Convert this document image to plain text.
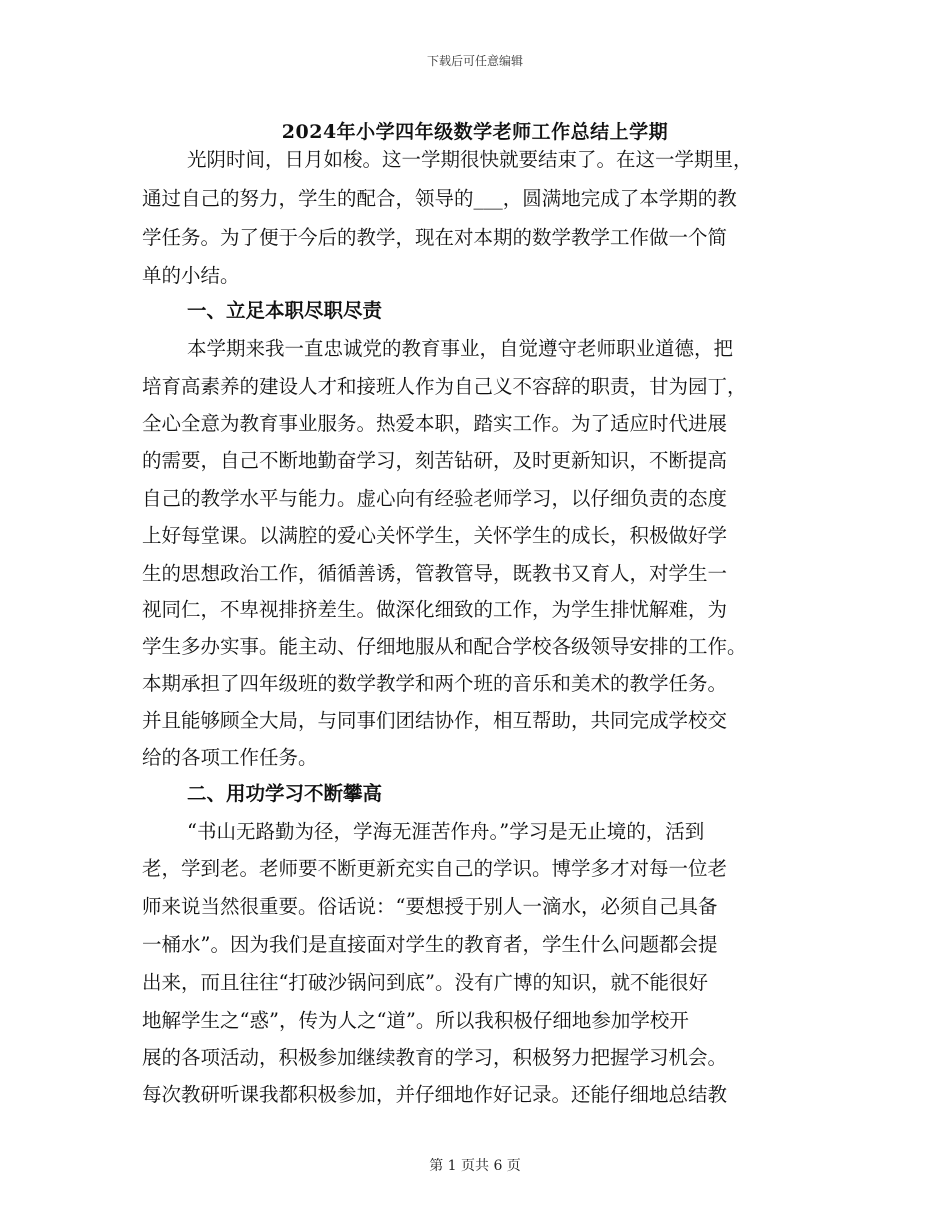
下载后可任意编辑
2024年小学四年级数学老师工作总结上学期
光阴时间，日月如梭。这一学期很快就要结束了。在这一学期里，
通过自己的努力，学生的配合，领导的___，圆满地完成了本学期的教
学任务。为了便于今后的教学，现在对本期的数学教学工作做一个简
单的小结。
一、立足本职尽职尽责
本学期来我一直忠诚党的教育事业，自觉遵守老师职业道德，把
培育高素养的建设人才和接班人作为自己义不容辞的职责，甘为园丁，
全心全意为教育事业服务。热爱本职，踏实工作。为了适应时代进展
的需要，自己不断地勤奋学习，刻苦钻研，及时更新知识，不断提高
自己的教学水平与能力。虚心向有经验老师学习，以仔细负责的态度
上好每堂课。以满腔的爱心关怀学生，关怀学生的成长，积极做好学
生的思想政治工作，循循善诱，管教管导，既教书又育人，对学生一
视同仁，不卑视排挤差生。做深化细致的工作，为学生排忧解难，为
学生多办实事。能主动、仔细地服从和配合学校各级领导安排的工作。
本期承担了四年级班的数学教学和两个班的音乐和美术的教学任务。
并且能够顾全大局，与同事们团结协作，相互帮助，共同完成学校交
给的各项工作任务。
二、用功学习不断攀高
“书山无路勤为径，学海无涯苦作舟。”学习是无止境的，活到
老，学到老。老师要不断更新充实自己的学识。博学多才对每一位老
师来说当然很重要。俗话说：“要想授于别人一滴水，必须自己具备
一桶水”。因为我们是直接面对学生的教育者，学生什么问题都会提
出来，而且往往“打破沙锅问到底”。没有广博的知识，就不能很好
地解学生之“惑”，传为人之“道”。所以我积极仔细地参加学校开
展的各项活动，积极参加继续教育的学习，积极努力把握学习机会。
每次教研听课我都积极参加，并仔细地作好记录。还能仔细地总结教
第 1 页共 6 页
